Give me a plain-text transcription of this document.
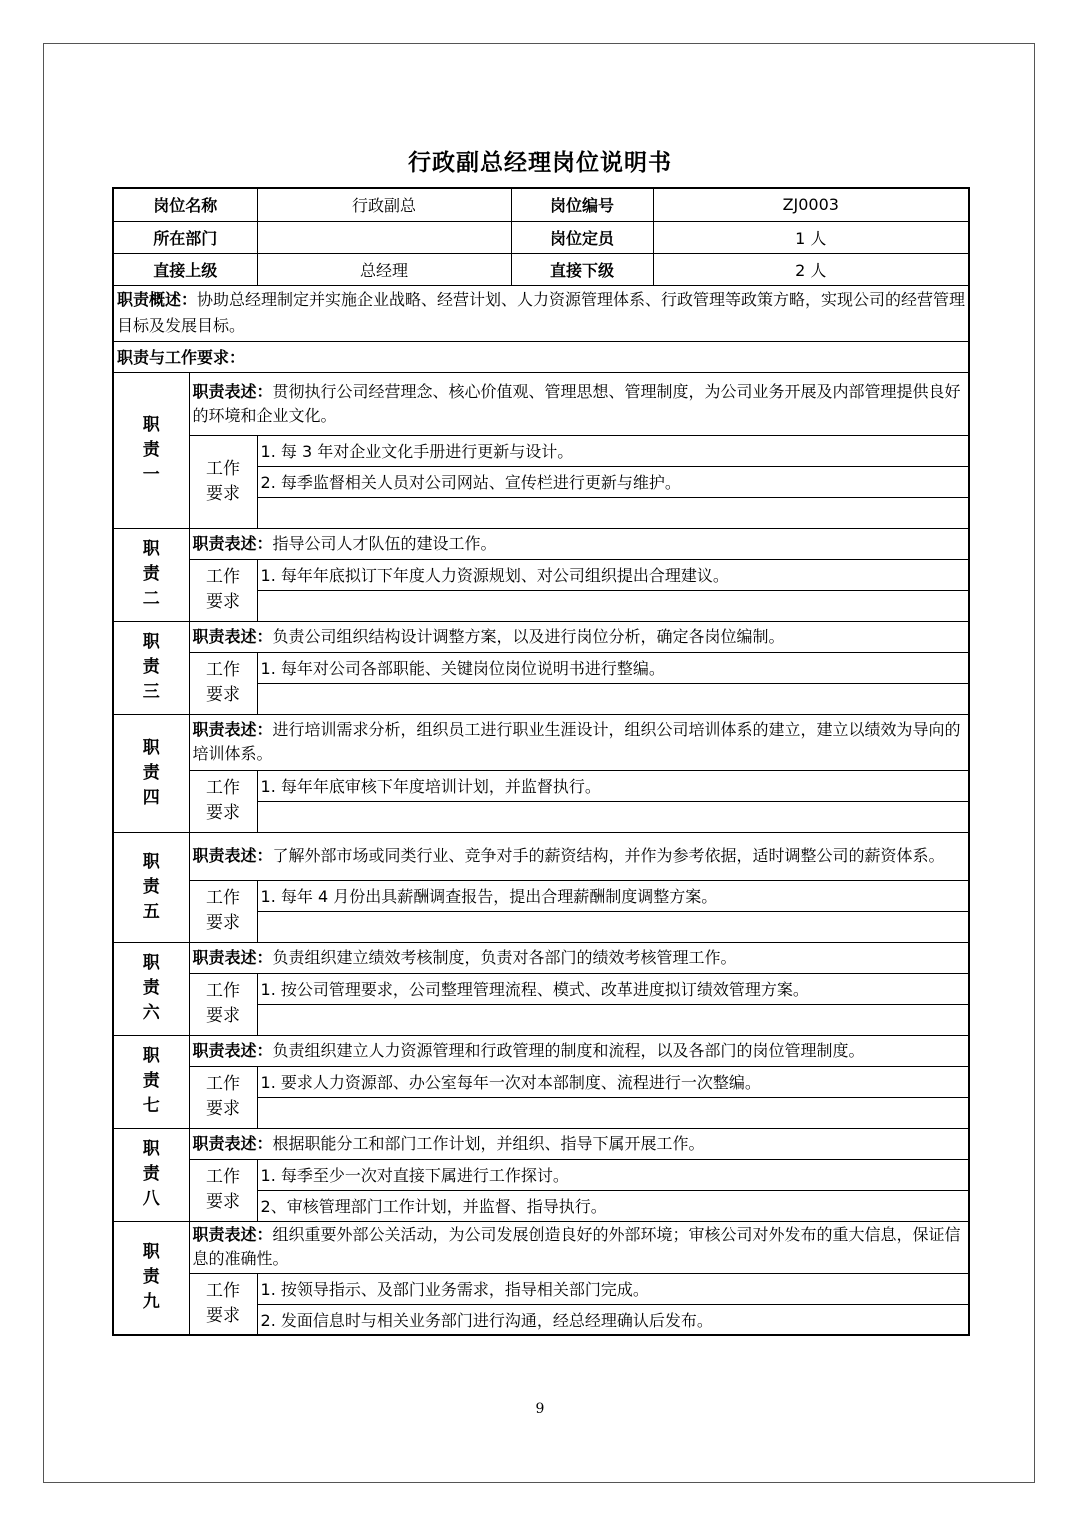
行政副总经理岗位说明书
岗位名称		行政副总	岗位编号	ZJ0003
所在部门			岗位定员	1 人
直接上级		总经理	直接下级	2 人
职责概述：协助总经理制定并实施企业战略、经营计划、人力资源管理体系、行政管理等政策方略，实现公司的经营管理目标及发展目标。				
职责与工作要求：				

职
责
一	职责表述：贯彻执行公司经营理念、核心价值观、管理思想、管理制度，为公司业务开展及内部管理提供良好的环境和企业文化。			

	工作
要求	1. 每 3 年对企业文化手册进行更新与设计。		
		2. 每季监督相关人员对公司网站、宣传栏进行更新与维护。		

职
责
二	职责表述：指导公司人才队伍的建设工作。			

	工作
要求	1. 每年年底拟订下年度人力资源规划、对公司组织提出合理建议。		

职
责
三	职责表述：负责公司组织结构设计调整方案，以及进行岗位分析，确定各岗位编制。			

	工作
要求	1. 每年对公司各部职能、关键岗位岗位说明书进行整编。		

职
责
四	职责表述：进行培训需求分析，组织员工进行职业生涯设计，组织公司培训体系的建立，建立以绩效为导向的培训体系。			

	工作
要求	1. 每年年底审核下年度培训计划，并监督执行。		

职
责
五	职责表述：了解外部市场或同类行业、竞争对手的薪资结构，并作为参考依据，适时调整公司的薪资体系。			

	工作
要求	1. 每年 4 月份出具薪酬调查报告，提出合理薪酬制度调整方案。		

职
责
六	职责表述：负责组织建立绩效考核制度，负责对各部门的绩效考核管理工作。			

	工作
要求	1. 按公司管理要求，公司整理管理流程、模式、改革进度拟订绩效管理方案。		

职
责
七	职责表述：负责组织建立人力资源管理和行政管理的制度和流程，以及各部门的岗位管理制度。			

	工作
要求	1. 要求人力资源部、办公室每年一次对本部制度、流程进行一次整编。		

职
责
八	职责表述：根据职能分工和部门工作计划，并组织、指导下属开展工作。			

	工作
要求	1. 每季至少一次对直接下属进行工作探讨。		
		2、审核管理部门工作计划，并监督、指导执行。		

职
责
九	职责表述：组织重要外部公关活动，为公司发展创造良好的外部环境；审核公司对外发布的重大信息，保证信息的准确性。			

	工作
要求	1. 按领导指示、及部门业务需求，指导相关部门完成。		
		2. 发面信息时与相关业务部门进行沟通，经总经理确认后发布。		
9
